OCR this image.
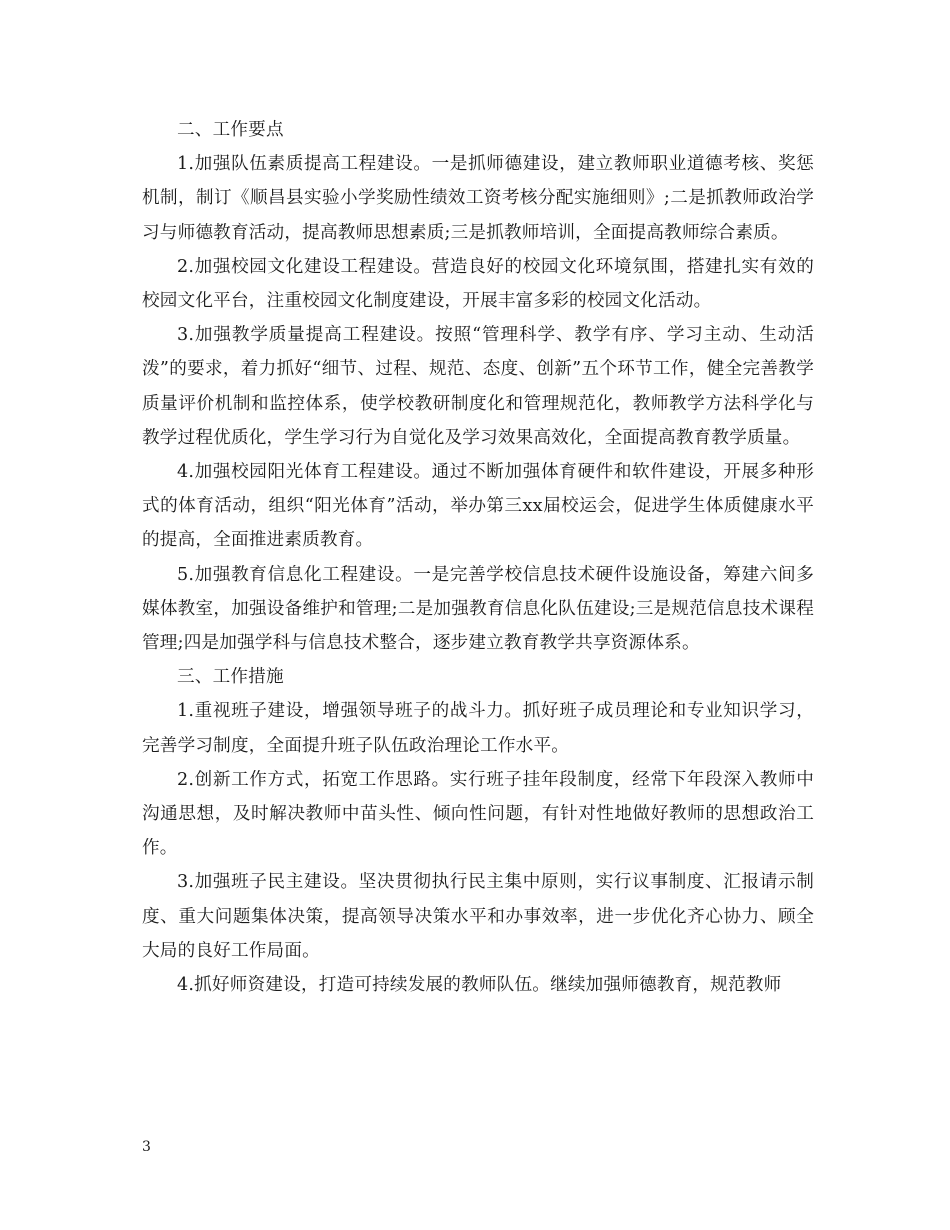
二、工作要点

1.加强队伍素质提高工程建设。一是抓师德建设，建立教师职业道德考核、奖惩机制，制订《顺昌县实验小学奖励性绩效工资考核分配实施细则》;二是抓教师政治学习与师德教育活动，提高教师思想素质;三是抓教师培训，全面提高教师综合素质。

2.加强校园文化建设工程建设。营造良好的校园文化环境氛围，搭建扎实有效的校园文化平台，注重校园文化制度建设，开展丰富多彩的校园文化活动。

3.加强教学质量提高工程建设。按照“管理科学、教学有序、学习主动、生动活泼”的要求，着力抓好“细节、过程、规范、态度、创新”五个环节工作，健全完善教学质量评价机制和监控体系，使学校教研制度化和管理规范化，教师教学方法科学化与教学过程优质化，学生学习行为自觉化及学习效果高效化，全面提高教育教学质量。

4.加强校园阳光体育工程建设。通过不断加强体育硬件和软件建设，开展多种形式的体育活动，组织“阳光体育”活动，举办第三xx届校运会，促进学生体质健康水平的提高，全面推进素质教育。

5.加强教育信息化工程建设。一是完善学校信息技术硬件设施设备，筹建六间多媒体教室，加强设备维护和管理;二是加强教育信息化队伍建设;三是规范信息技术课程管理;四是加强学科与信息技术整合，逐步建立教育教学共享资源体系。

三、工作措施

1.重视班子建设，增强领导班子的战斗力。抓好班子成员理论和专业知识学习，完善学习制度，全面提升班子队伍政治理论工作水平。

2.创新工作方式，拓宽工作思路。实行班子挂年段制度，经常下年段深入教师中沟通思想，及时解决教师中苗头性、倾向性问题，有针对性地做好教师的思想政治工作。

3.加强班子民主建设。坚决贯彻执行民主集中原则，实行议事制度、汇报请示制度、重大问题集体决策，提高领导决策水平和办事效率，进一步优化齐心协力、顾全大局的良好工作局面。

4.抓好师资建设，打造可持续发展的教师队伍。继续加强师德教育，规范教师

3
